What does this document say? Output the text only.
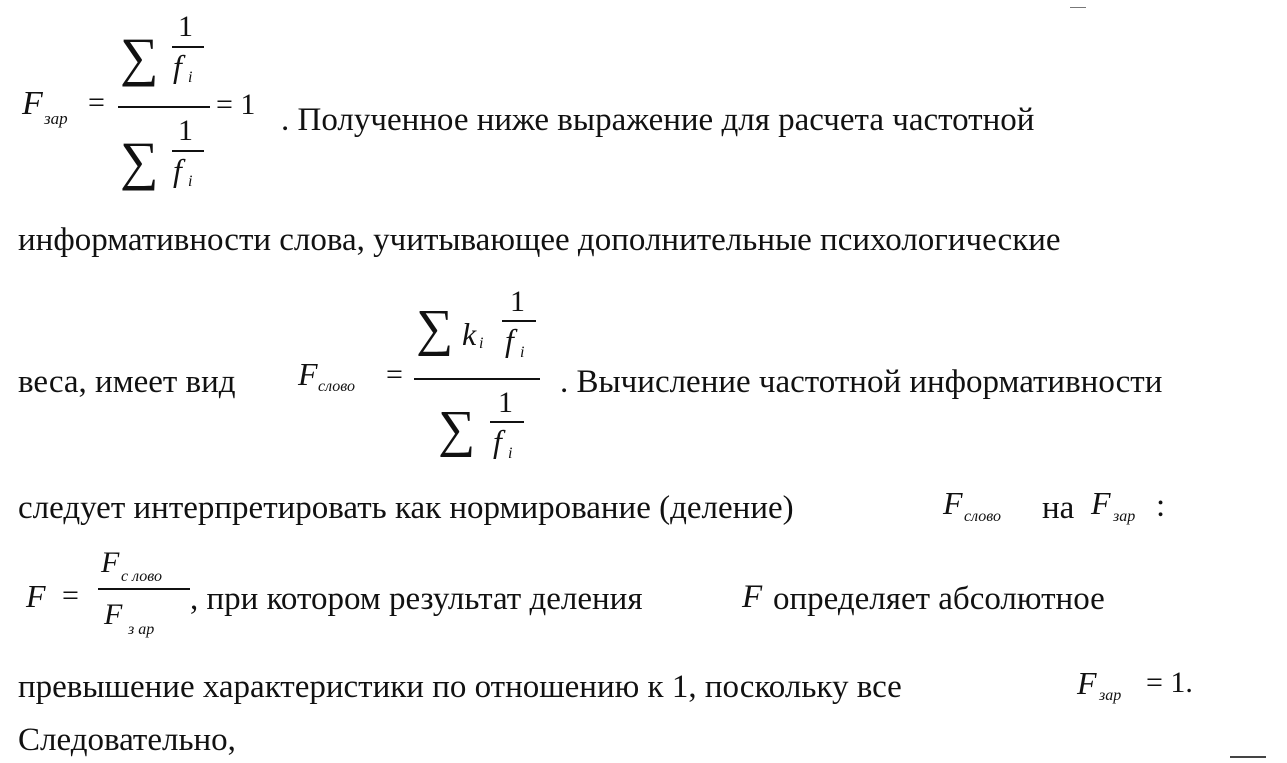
F зар =
∑
1
f i
∑
1
f i
= 1 . Полученное ниже выражение для расчета частотной
информативности слова, учитывающее дополнительные психологические
веса, имеет вид F слово =
∑ k i
1
f i
∑ 1
f i
. Вычисление частотной информативности
следует интерпретировать как нормирование (деление)	F слово на F зар :
F =
F с лово
F з ар
, при котором результат деления	F определяет абсолютное
превышение характеристики по отношению к 1, поскольку все	F зар = 1.
Следовательно,
